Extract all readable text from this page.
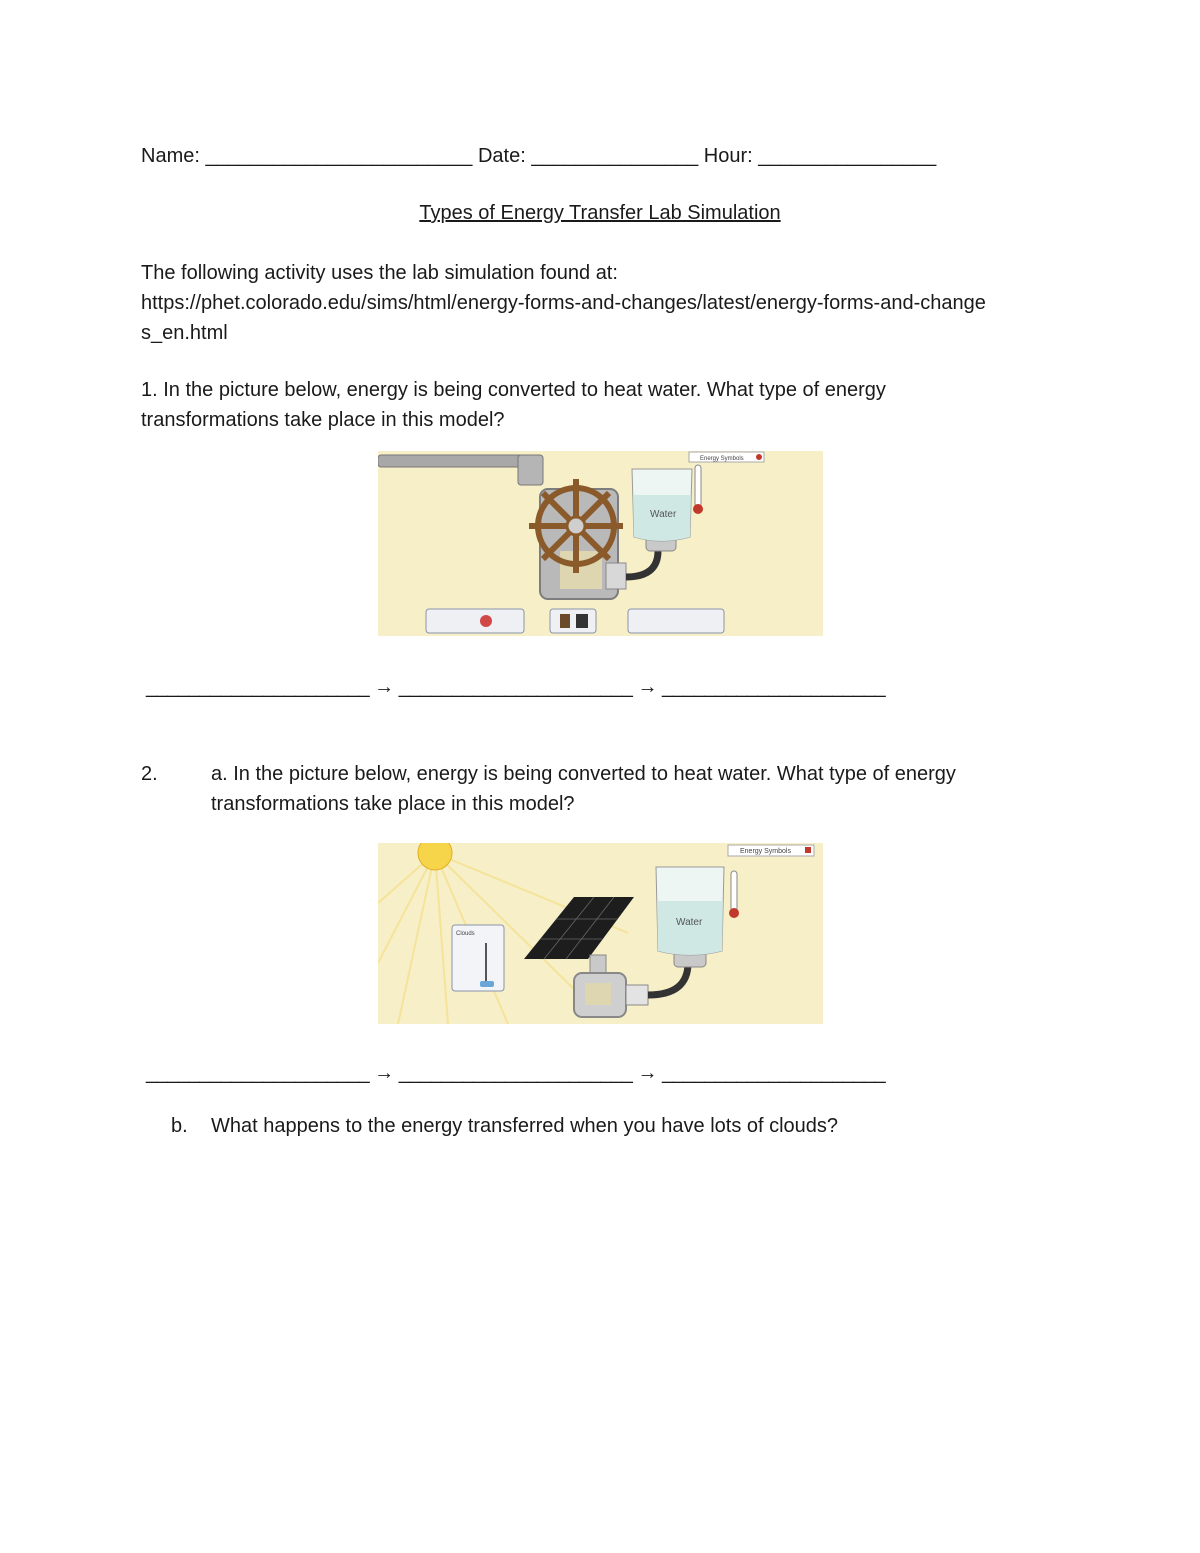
Name: ________________________ Date: _______________ Hour: ________________
Types of Energy Transfer Lab Simulation
The following activity uses the lab simulation found at:
https://phet.colorado.edu/sims/html/energy-forms-and-changes/latest/energy-forms-and-change
s_en.html
1. In the picture below, energy is being converted to heat water. What type of energy
transformations take place in this model?
Water
Energy Symbols
_____________________ → ______________________ → _____________________
2.	a. In the picture below, energy is being converted to heat water. What type of energy
transformations take place in this model?
Clouds
Water
Energy Symbols
_____________________ → ______________________ → _____________________
b. What happens to the energy transferred when you have lots of clouds?
